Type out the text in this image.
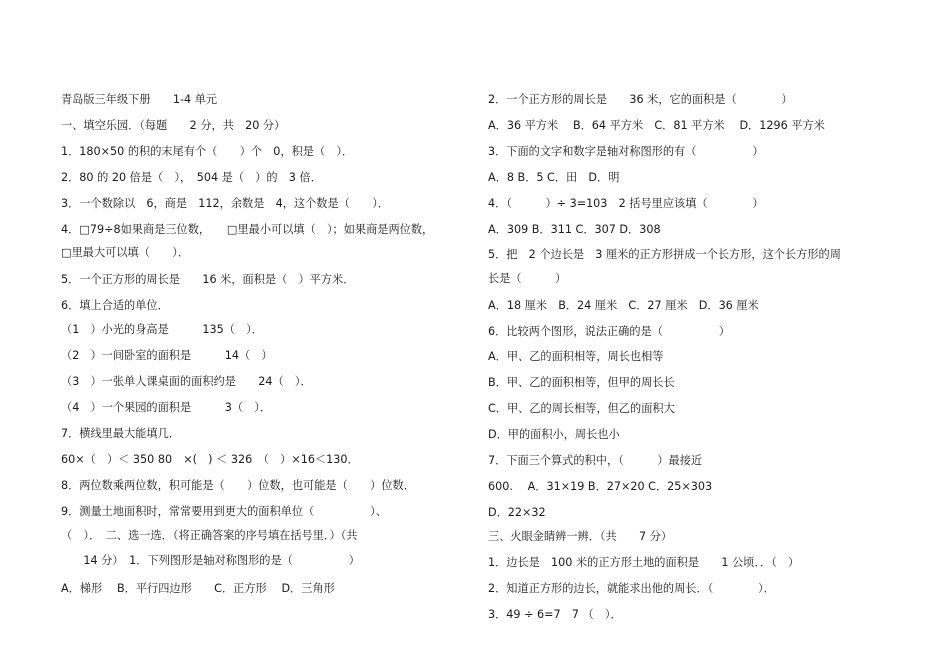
青岛版三年级下册　　1-4 单元
一、填空乐园．（每题　　2 分，共　20 分）
1．180×50 的积的末尾有个（　　）个　0，积是（　）．
2．80 的 20 倍是（　），　504 是（　）的　3 倍．
3．一个数除以　6，商是　112，余数是　4，这个数是（　　）．
4．□79÷8如果商是三位数，　　□里最小可以填（　）；如果商是两位数，
□里最大可以填（　　）．
5．一个正方形的周长是　　16 米，面积是（　）平方米．
6．填上合适的单位．
（1　）小光的身高是　　　135（　）．
（2　）一间卧室的面积是　　　14（　）
（3　）一张单人课桌面的面积约是　　24（　）．
（4　）一个果园的面积是　　　3（　）．
7．横线里最大能填几．
60×（　）＜ 350 80　×(　) ＜ 326　（　）×16＜130．
8．两位数乘两位数，积可能是（　　）位数，也可能是（　　）位数．
9．测量土地面积时，常常要用到更大的面积单位（　　　　　）、
（　）．　二、选一选．（将正确答案的序号填在括号里．）（共
　　14 分）　1．下列图形是轴对称图形的是（　　　　　）
A．梯形　 B．平行四边形　　C．正方形　 D．三角形
2．一个正方形的周长是　　36 米，它的面积是（　　　　）
A．36 平方米　 B．64 平方米　C．81 平方米　 D．1296 平方米
3．下面的文字和数字是轴对称图形的有（　　　　　）
A．8 B．5 C．田　D．明
4．（　　　）÷ 3=103　2 括号里应该填（　　　　）
A．309 B．311 C．307 D．308
5．把　2 个边长是　3 厘米的正方形拼成一个长方形，这个长方形的周
长是（　　　）
A．18 厘米　B．24 厘米　C．27 厘米　D．36 厘米
6．比较两个图形，说法正确的是（　　　　　）
A．甲、乙的面积相等，周长也相等
B．甲、乙的面积相等，但甲的周长长
C．甲、乙的周长相等，但乙的面积大
D．甲的面积小，周长也小
7．下面三个算式的积中，（　　　）最接近
600.　 A．31×19 B．27×20 C．25×303
D．22×32
三、火眼金睛辨一辨．（共　　7 分）
1．边长是　100 米的正方形土地的面积是　　1 公顷．．（　）
2．知道正方形的边长，就能求出他的周长．（　　　　）．
3．49 ÷ 6=7　7 （　）．
